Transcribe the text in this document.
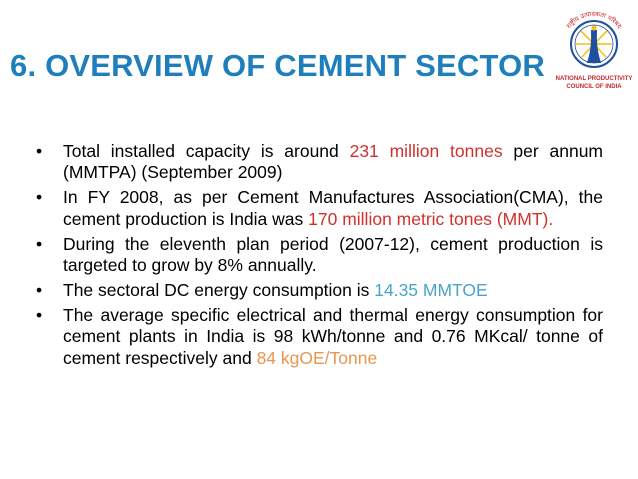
6. OVERVIEW OF CEMENT SECTOR
राष्ट्रीय उत्पादकता परिषद
NATIONAL PRODUCTIVITY
COUNCIL OF INDIA
• Total installed capacity is around 231 million tonnes per annum (MMTPA) (September 2009)
• In FY 2008, as per Cement Manufactures Association(CMA), the cement production is India was 170 million metric tones (MMT).
• During the eleventh plan period (2007-12), cement production is targeted to grow by 8% annually.
• The sectoral DC energy consumption is 14.35 MMTOE
• The average specific electrical and thermal energy consumption for cement plants in India is 98 kWh/tonne and 0.76 MKcal/ tonne of cement respectively and 84 kgOE/Tonne
